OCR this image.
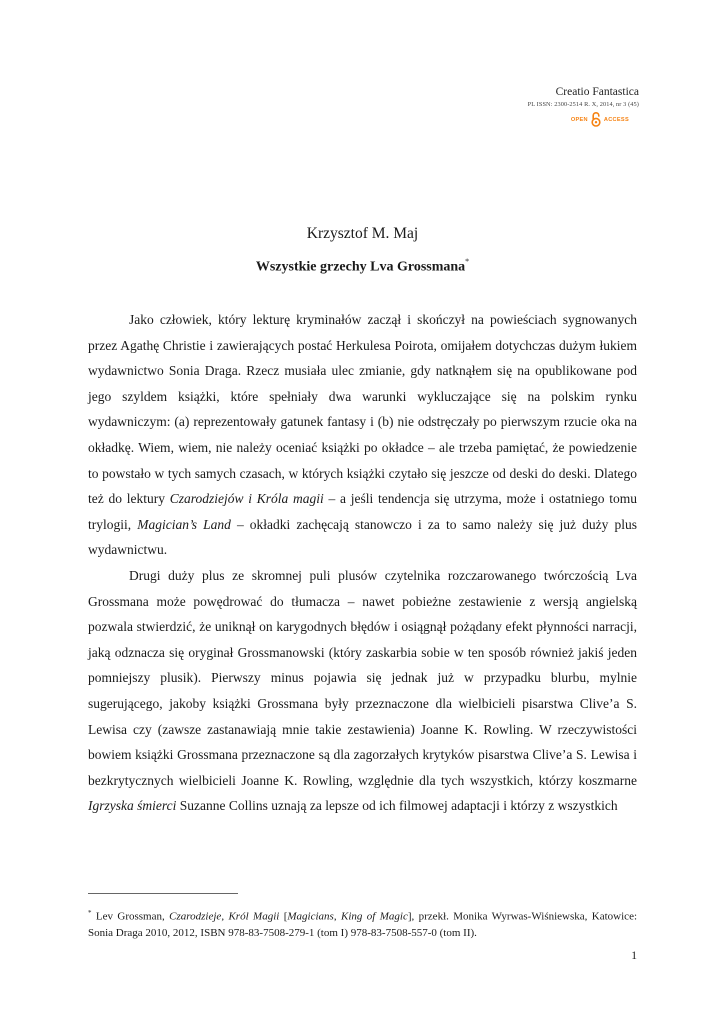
Creatio Fantastica
PL ISSN: 2300-2514 R. X, 2014, nr 3 (45)
OPEN	ACCESS
Krzysztof M. Maj
Wszystkie grzechy Lva Grossmana*

Jako człowiek, który lekturę kryminałów zaczął i skończył na powieściach sygnowanych przez Agathę Christie i zawierających postać Herkulesa Poirota, omijałem dotychczas dużym łukiem wydawnictwo Sonia Draga. Rzecz musiała ulec zmianie, gdy natknąłem się na opublikowane pod jego szyldem książki, które spełniały dwa warunki wykluczające się na polskim rynku wydawniczym: (a) reprezentowały gatunek fantasy i (b) nie odstręczały po pierwszym rzucie oka na okładkę. Wiem, wiem, nie należy oceniać książki po okładce – ale trzeba pamiętać, że powiedzenie to powstało w tych samych czasach, w których książki czytało się jeszcze od deski do deski. Dlatego też do lektury Czarodziejów i Króla magii – a jeśli tendencja się utrzyma, może i ostatniego tomu trylogii, Magician’s Land – okładki zachęcają stanowczo i za to samo należy się już duży plus wydawnictwu.

Drugi duży plus ze skromnej puli plusów czytelnika rozczarowanego twórczością Lva Grossmana może powędrować do tłumacza – nawet pobieżne zestawienie z wersją angielską pozwala stwierdzić, że uniknął on karygodnych błędów i osiągnął pożądany efekt płynności narracji, jaką odznacza się oryginał Grossmanowski (który zaskarbia sobie w ten sposób również jakiś jeden pomniejszy plusik). Pierwszy minus pojawia się jednak już w przypadku blurbu, mylnie sugerującego, jakoby książki Grossmana były przeznaczone dla wielbicieli pisarstwa Clive’a S. Lewisa czy (zawsze zastanawiają mnie takie zestawienia) Joanne K. Rowling. W rzeczywistości bowiem książki Grossmana przeznaczone są dla zagorzałych krytyków pisarstwa Clive’a S. Lewisa i bezkrytycznych wielbicieli Joanne K. Rowling, względnie dla tych wszystkich, którzy koszmarne Igrzyska śmierci Suzanne Collins uznają za lepsze od ich filmowej adaptacji i którzy z wszystkich

* Lev Grossman, Czarodzieje, Król Magii [Magicians, King of Magic], przekł. Monika Wyrwas-Wiśniewska, Katowice: Sonia Draga 2010, 2012, ISBN 978-83-7508-279-1 (tom I) 978-83-7508-557-0 (tom II).
1
